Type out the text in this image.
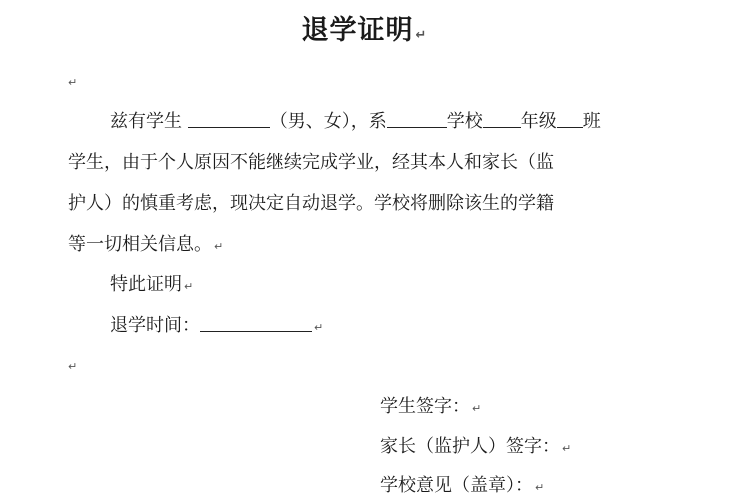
退学证明 ↵
↵
兹有学生	（男、女），系	学校 年级 班
学生，由于个人原因不能继续完成学业，经其本人和家长（监
护人）的慎重考虑，现决定自动退学。学校将删除该生的学籍
等一切相关信息。 ↵
特此证明 ↵
退学时间：	↵
↵
学生签字： ↵
家长（监护人）签字： ↵
学校意见（盖章）： ↵
